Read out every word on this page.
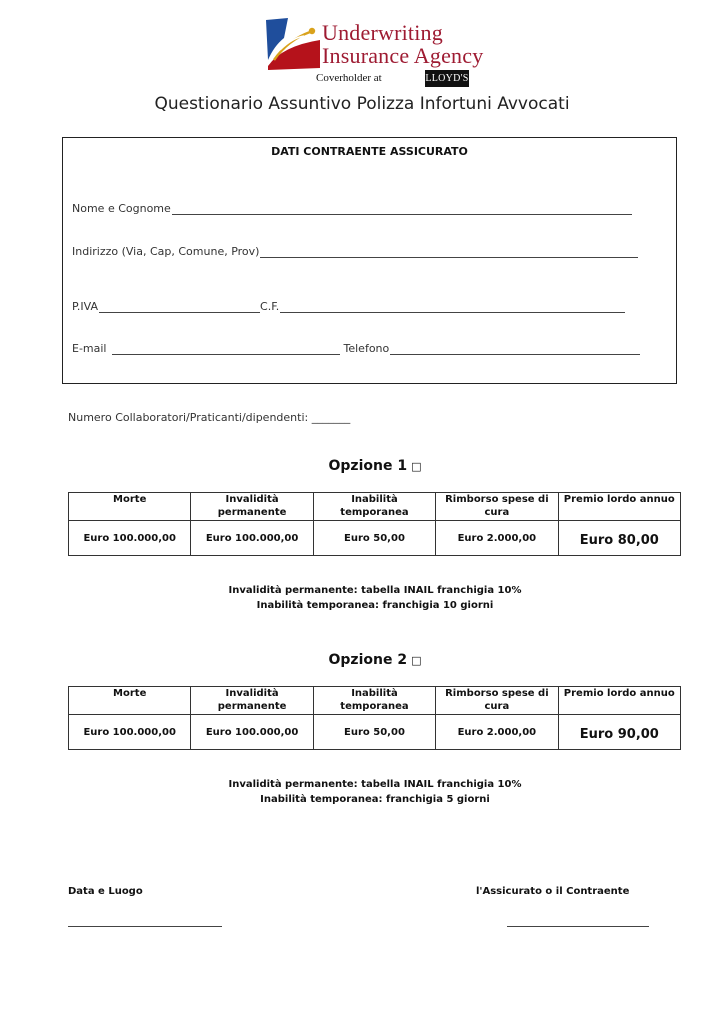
Underwriting
Insurance Agency
Coverholder at	LLOYD'S
Questionario Assuntivo Polizza Infortuni Avvocati
DATI CONTRAENTE ASSICURATO
Nome e Cognome
Indirizzo (Via, Cap, Comune, Prov)
P.IVA	C.F.
E-mail	Telefono
Numero Collaboratori/Praticanti/dipendenti: _______
Opzione 1 □
Morte	Invalidità permanente	Inabilità temporanea	Rimborso spese di cura	Premio lordo annuo
Euro 100.000,00	Euro 100.000,00	Euro 50,00	Euro 2.000,00	Euro 80,00
Invalidità permanente: tabella INAIL franchigia 10%
Inabilità temporanea: franchigia 10 giorni
Opzione 2 □
Morte	Invalidità permanente	Inabilità temporanea	Rimborso spese di cura	Premio lordo annuo
Euro 100.000,00	Euro 100.000,00	Euro 50,00	Euro 2.000,00	Euro 90,00
Invalidità permanente: tabella INAIL franchigia 10%
Inabilità temporanea: franchigia 5 giorni
Data e Luogo	l'Assicurato o il Contraente
